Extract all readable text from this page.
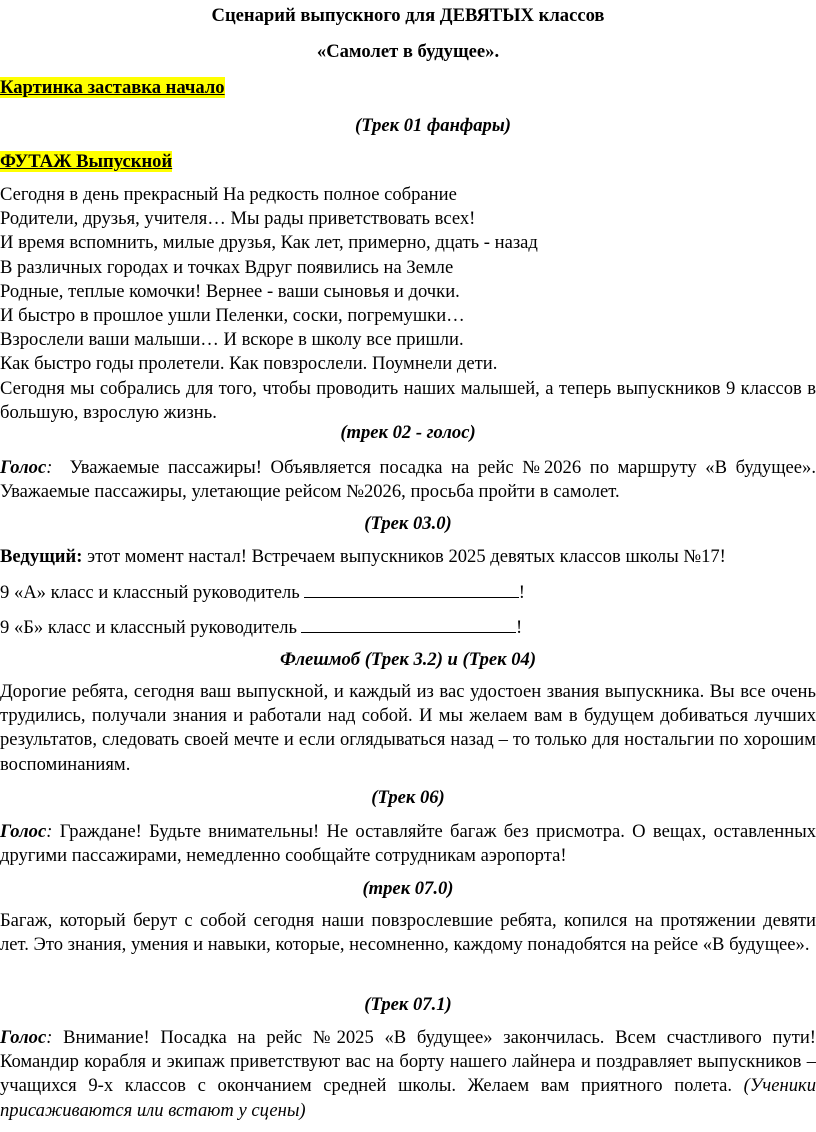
Сценарий выпускного для ДЕВЯТЫХ классов
«Самолет в будущее».
Картинка заставка начало
(Трек 01 фанфары)
ФУТАЖ Выпускной
Сегодня в день прекрасный На редкость полное собрание
Родители, друзья, учителя… Мы рады приветствовать всех!
И время вспомнить, милые друзья, Как лет, примерно, дцать - назад
В различных городах и точках Вдруг появились на Земле
Родные, теплые комочки! Вернее - ваши сыновья и дочки.
И быстро в прошлое ушли Пеленки, соски, погремушки…
Взрослели ваши малыши… И вскоре в школу все пришли.
Как быстро годы пролетели. Как повзрослели. Поумнели дети.
Сегодня мы собрались для того, чтобы проводить наших малышей, а теперь выпускников 9 классов в большую, взрослую жизнь.
(трек 02 - голос)
Голос: Уважаемые пассажиры! Объявляется посадка на рейс №2026 по маршруту «В будущее». Уважаемые пассажиры, улетающие рейсом №2026, просьба пройти в самолет.
(Трек 03.0)
Ведущий: этот момент настал! Встречаем выпускников 2025 девятых классов школы №17!
9 «А» класс и классный руководитель	!
9 «Б» класс и классный руководитель	!
Флешмоб (Трек 3.2) и (Трек 04)
Дорогие ребята, сегодня ваш выпускной, и каждый из вас удостоен звания выпускника. Вы все очень трудились, получали знания и работали над собой. И мы желаем вам в будущем добиваться лучших результатов, следовать своей мечте и если оглядываться назад – то только для ностальгии по хорошим воспоминаниям.
(Трек 06)
Голос: Граждане! Будьте внимательны! Не оставляйте багаж без присмотра. О вещах, оставленных другими пассажирами, немедленно сообщайте сотрудникам аэропорта!
(трек 07.0)
Багаж, который берут с собой сегодня наши повзрослевшие ребята, копился на протяжении девяти лет. Это знания, умения и навыки, которые, несомненно, каждому понадобятся на рейсе «В будущее».
(Трек 07.1)
Голос: Внимание! Посадка на рейс №2025 «В будущее» закончилась. Всем счастливого пути! Командир корабля и экипаж приветствуют вас на борту нашего лайнера и поздравляет выпускников – учащихся 9-х классов с окончанием средней школы. Желаем вам приятного полета. (Ученики присаживаются или встают у сцены)
